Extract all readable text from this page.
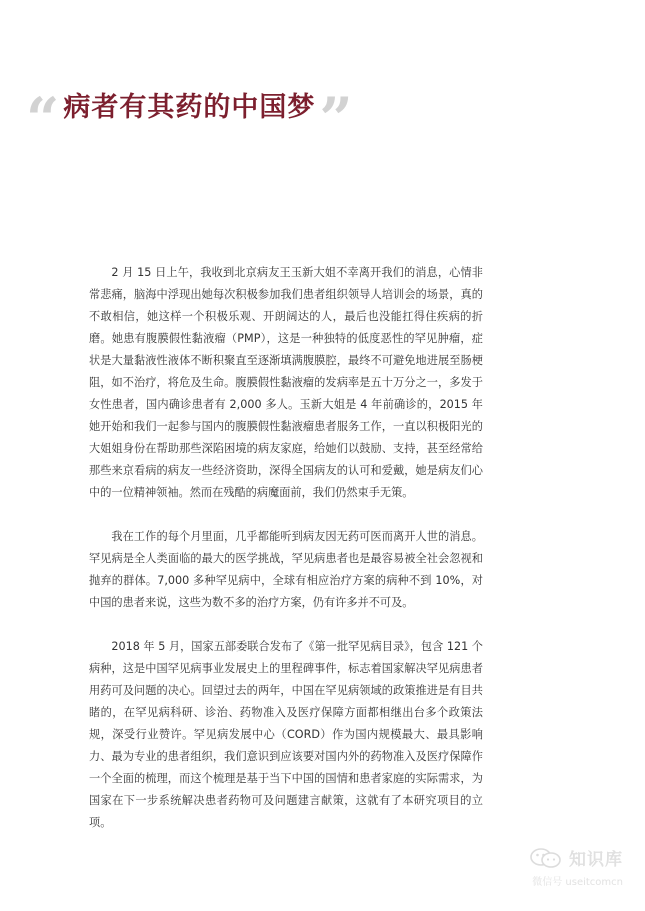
“ 病者有其药的中国梦 ”

2 月 15 日上午，我收到北京病友王玉新大姐不幸离开我们的消息，心情非常悲痛，脑海中浮现出她每次积极参加我们患者组织领导人培训会的场景，真的不敢相信，她这样一个积极乐观、开朗阔达的人，最后也没能扛得住疾病的折磨。她患有腹膜假性黏液瘤（PMP），这是一种独特的低度恶性的罕见肿瘤，症状是大量黏液性液体不断积聚直至逐渐填满腹膜腔，最终不可避免地进展至肠梗阻，如不治疗，将危及生命。腹膜假性黏液瘤的发病率是五十万分之一，多发于女性患者，国内确诊患者有 2,000 多人。玉新大姐是 4 年前确诊的，2015 年她开始和我们一起参与国内的腹膜假性黏液瘤患者服务工作，一直以积极阳光的大姐姐身份在帮助那些深陷困境的病友家庭，给她们以鼓励、支持，甚至经常给那些来京看病的病友一些经济资助，深得全国病友的认可和爱戴，她是病友们心中的一位精神领袖。然而在残酷的病魔面前，我们仍然束手无策。

我在工作的每个月里面，几乎都能听到病友因无药可医而离开人世的消息。罕见病是全人类面临的最大的医学挑战，罕见病患者也是最容易被全社会忽视和抛弃的群体。7,000 多种罕见病中，全球有相应治疗方案的病种不到 10%，对中国的患者来说，这些为数不多的治疗方案，仍有许多并不可及。

2018 年 5 月，国家五部委联合发布了《第一批罕见病目录》，包含 121 个病种，这是中国罕见病事业发展史上的里程碑事件，标志着国家解决罕见病患者用药可及问题的决心。回望过去的两年，中国在罕见病领域的政策推进是有目共睹的，在罕见病科研、诊治、药物准入及医疗保障方面都相继出台多个政策法规，深受行业赞许。罕见病发展中心（CORD）作为国内规模最大、最具影响力、最为专业的患者组织，我们意识到应该要对国内外的药物准入及医疗保障作一个全面的梳理，而这个梳理是基于当下中国的国情和患者家庭的实际需求，为国家在下一步系统解决患者药物可及问题建言献策，这就有了本研究项目的立项。

知识库
微信号 useitcomcn
